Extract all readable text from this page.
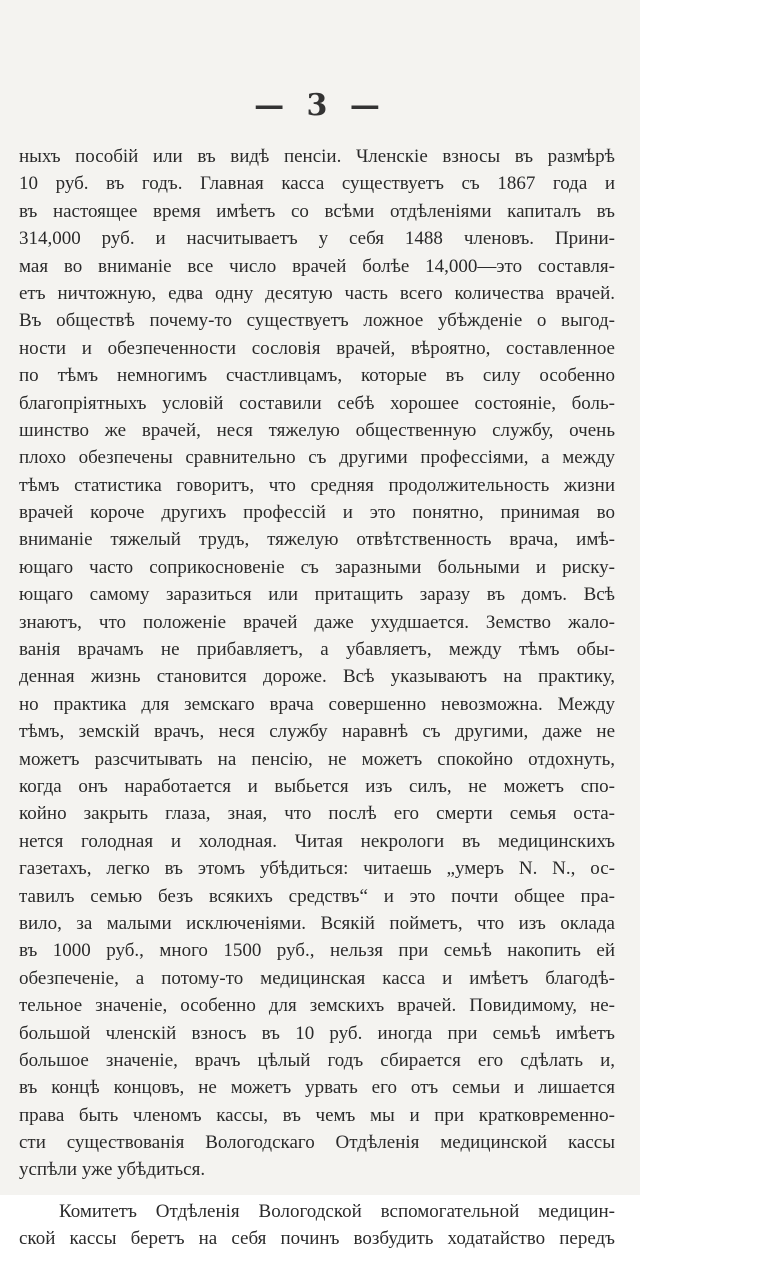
— 3 —
ныхъ пособій или въ видѣ пенсіи. Членскіе взносы въ размѣрѣ
10 руб. въ годъ. Главная касса существуетъ съ 1867 года и
въ настоящее время имѣетъ со всѣми отдѣленіями капиталъ въ
314,000 руб. и насчитываетъ у себя 1488 членовъ. Прини-
мая во вниманіе все число врачей болѣе 14,000—это составля-
етъ ничтожную, едва одну десятую часть всего количества врачей.
Въ обществѣ почему-то существуетъ ложное убѣжденіе о выгод-
ности и обезпеченности сословія врачей, вѣроятно, составленное
по тѣмъ немногимъ счастливцамъ, которые въ силу особенно
благопріятныхъ условій составили себѣ хорошее состояніе, боль-
шинство же врачей, неся тяжелую общественную службу, очень
плохо обезпечены сравнительно съ другими профессіями, а между
тѣмъ статистика говоритъ, что средняя продолжительность жизни
врачей короче другихъ профессій и это понятно, принимая во
вниманіе тяжелый трудъ, тяжелую отвѣтственность врача, имѣ-
ющаго часто соприкосновеніе съ заразными больными и риску-
ющаго самому заразиться или притащить заразу въ домъ. Всѣ
знаютъ, что положеніе врачей даже ухудшается. Земство жало-
ванія врачамъ не прибавляетъ, а убавляетъ, между тѣмъ обы-
денная жизнь становится дороже. Всѣ указываютъ на практику,
но практика для земскаго врача совершенно невозможна. Между
тѣмъ, земскій врачъ, неся службу наравнѣ съ другими, даже не
можетъ разсчитывать на пенсію, не можетъ спокойно отдохнуть,
когда онъ наработается и выбьется изъ силъ, не можетъ спо-
койно закрыть глаза, зная, что послѣ его смерти семья оста-
нется голодная и холодная. Читая некрологи въ медицинскихъ
газетахъ, легко въ этомъ убѣдиться: читаешь „умеръ N. N., ос-
тавилъ семью безъ всякихъ средствъ“ и это почти общее пра-
вило, за малыми исключеніями. Всякій пойметъ, что изъ оклада
въ 1000 руб., много 1500 руб., нельзя при семьѣ накопить ей
обезпеченіе, а потому-то медицинская касса и имѣетъ благодѣ-
тельное значеніе, особенно для земскихъ врачей. Повидимому, не-
большой членскій взносъ въ 10 руб. иногда при семьѣ имѣетъ
большое значеніе, врачъ цѣлый годъ сбирается его сдѣлать и,
въ концѣ концовъ, не можетъ урвать его отъ семьи и лишается
права быть членомъ кассы, въ чемъ мы и при кратковременно-
сти существованія Вологодскаго Отдѣленія медицинской кассы
успѣли уже убѣдиться.
Комитетъ Отдѣленія Вологодской вспомогательной медицин-
ской кассы беретъ на себя починъ возбудить ходатайство передъ
